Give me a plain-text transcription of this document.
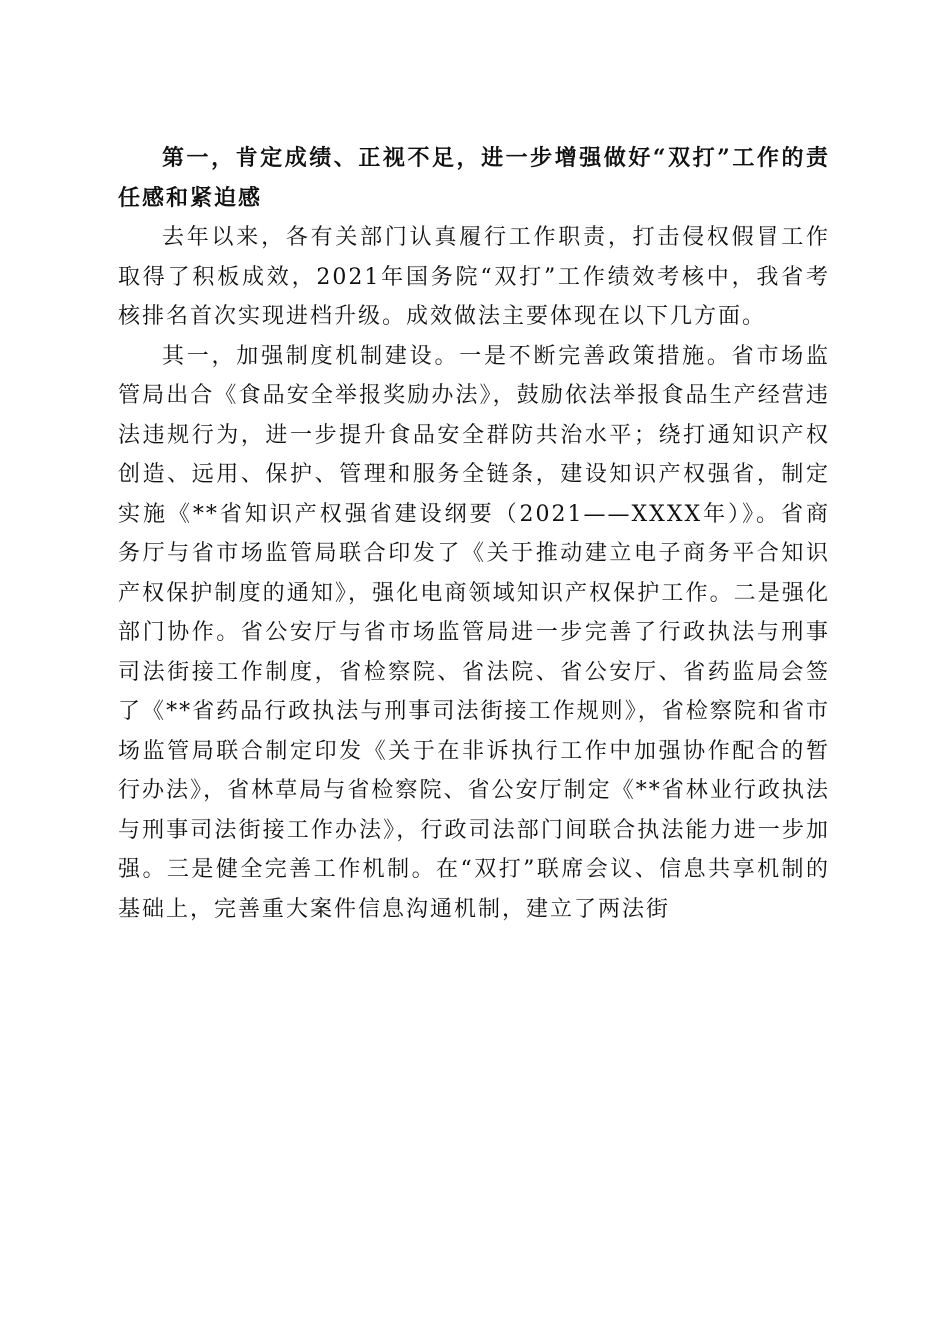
第一，肯定成绩、正视不足，进一步增强做好“双打”工作的责任感和紧迫感

去年以来，各有关部门认真履行工作职责，打击侵权假冒工作取得了积板成效，2021年国务院“双打”工作绩效考核中，我省考核排名首次实现进档升级。成效做法主要体现在以下几方面。

其一，加强制度机制建设。一是不断完善政策措施。省市场监管局出合《食品安全举报奖励办法》，鼓励依法举报食品生产经营违法违规行为，进一步提升食品安全群防共治水平；绕打通知识产权创造、远用、保护、管理和服务全链条，建设知识产权强省，制定实施《**省知识产权强省建设纲要（2021——XXXX年）》。省商务厅与省市场监管局联合印发了《关于推动建立电子商务平合知识产权保护制度的通知》，强化电商领域知识产权保护工作。二是强化部门协作。省公安厅与省市场监管局进一步完善了行政执法与刑事司法街接工作制度，省检察院、省法院、省公安厅、省药监局会签了《**省药品行政执法与刑事司法街接工作规则》，省检察院和省市场监管局联合制定印发《关于在非诉执行工作中加强协作配合的暂行办法》，省林草局与省检察院、省公安厅制定《**省林业行政执法与刑事司法街接工作办法》，行政司法部门间联合执法能力进一步加强。三是健全完善工作机制。在“双打”联席会议、信息共享机制的基础上，完善重大案件信息沟通机制，建立了两法街
